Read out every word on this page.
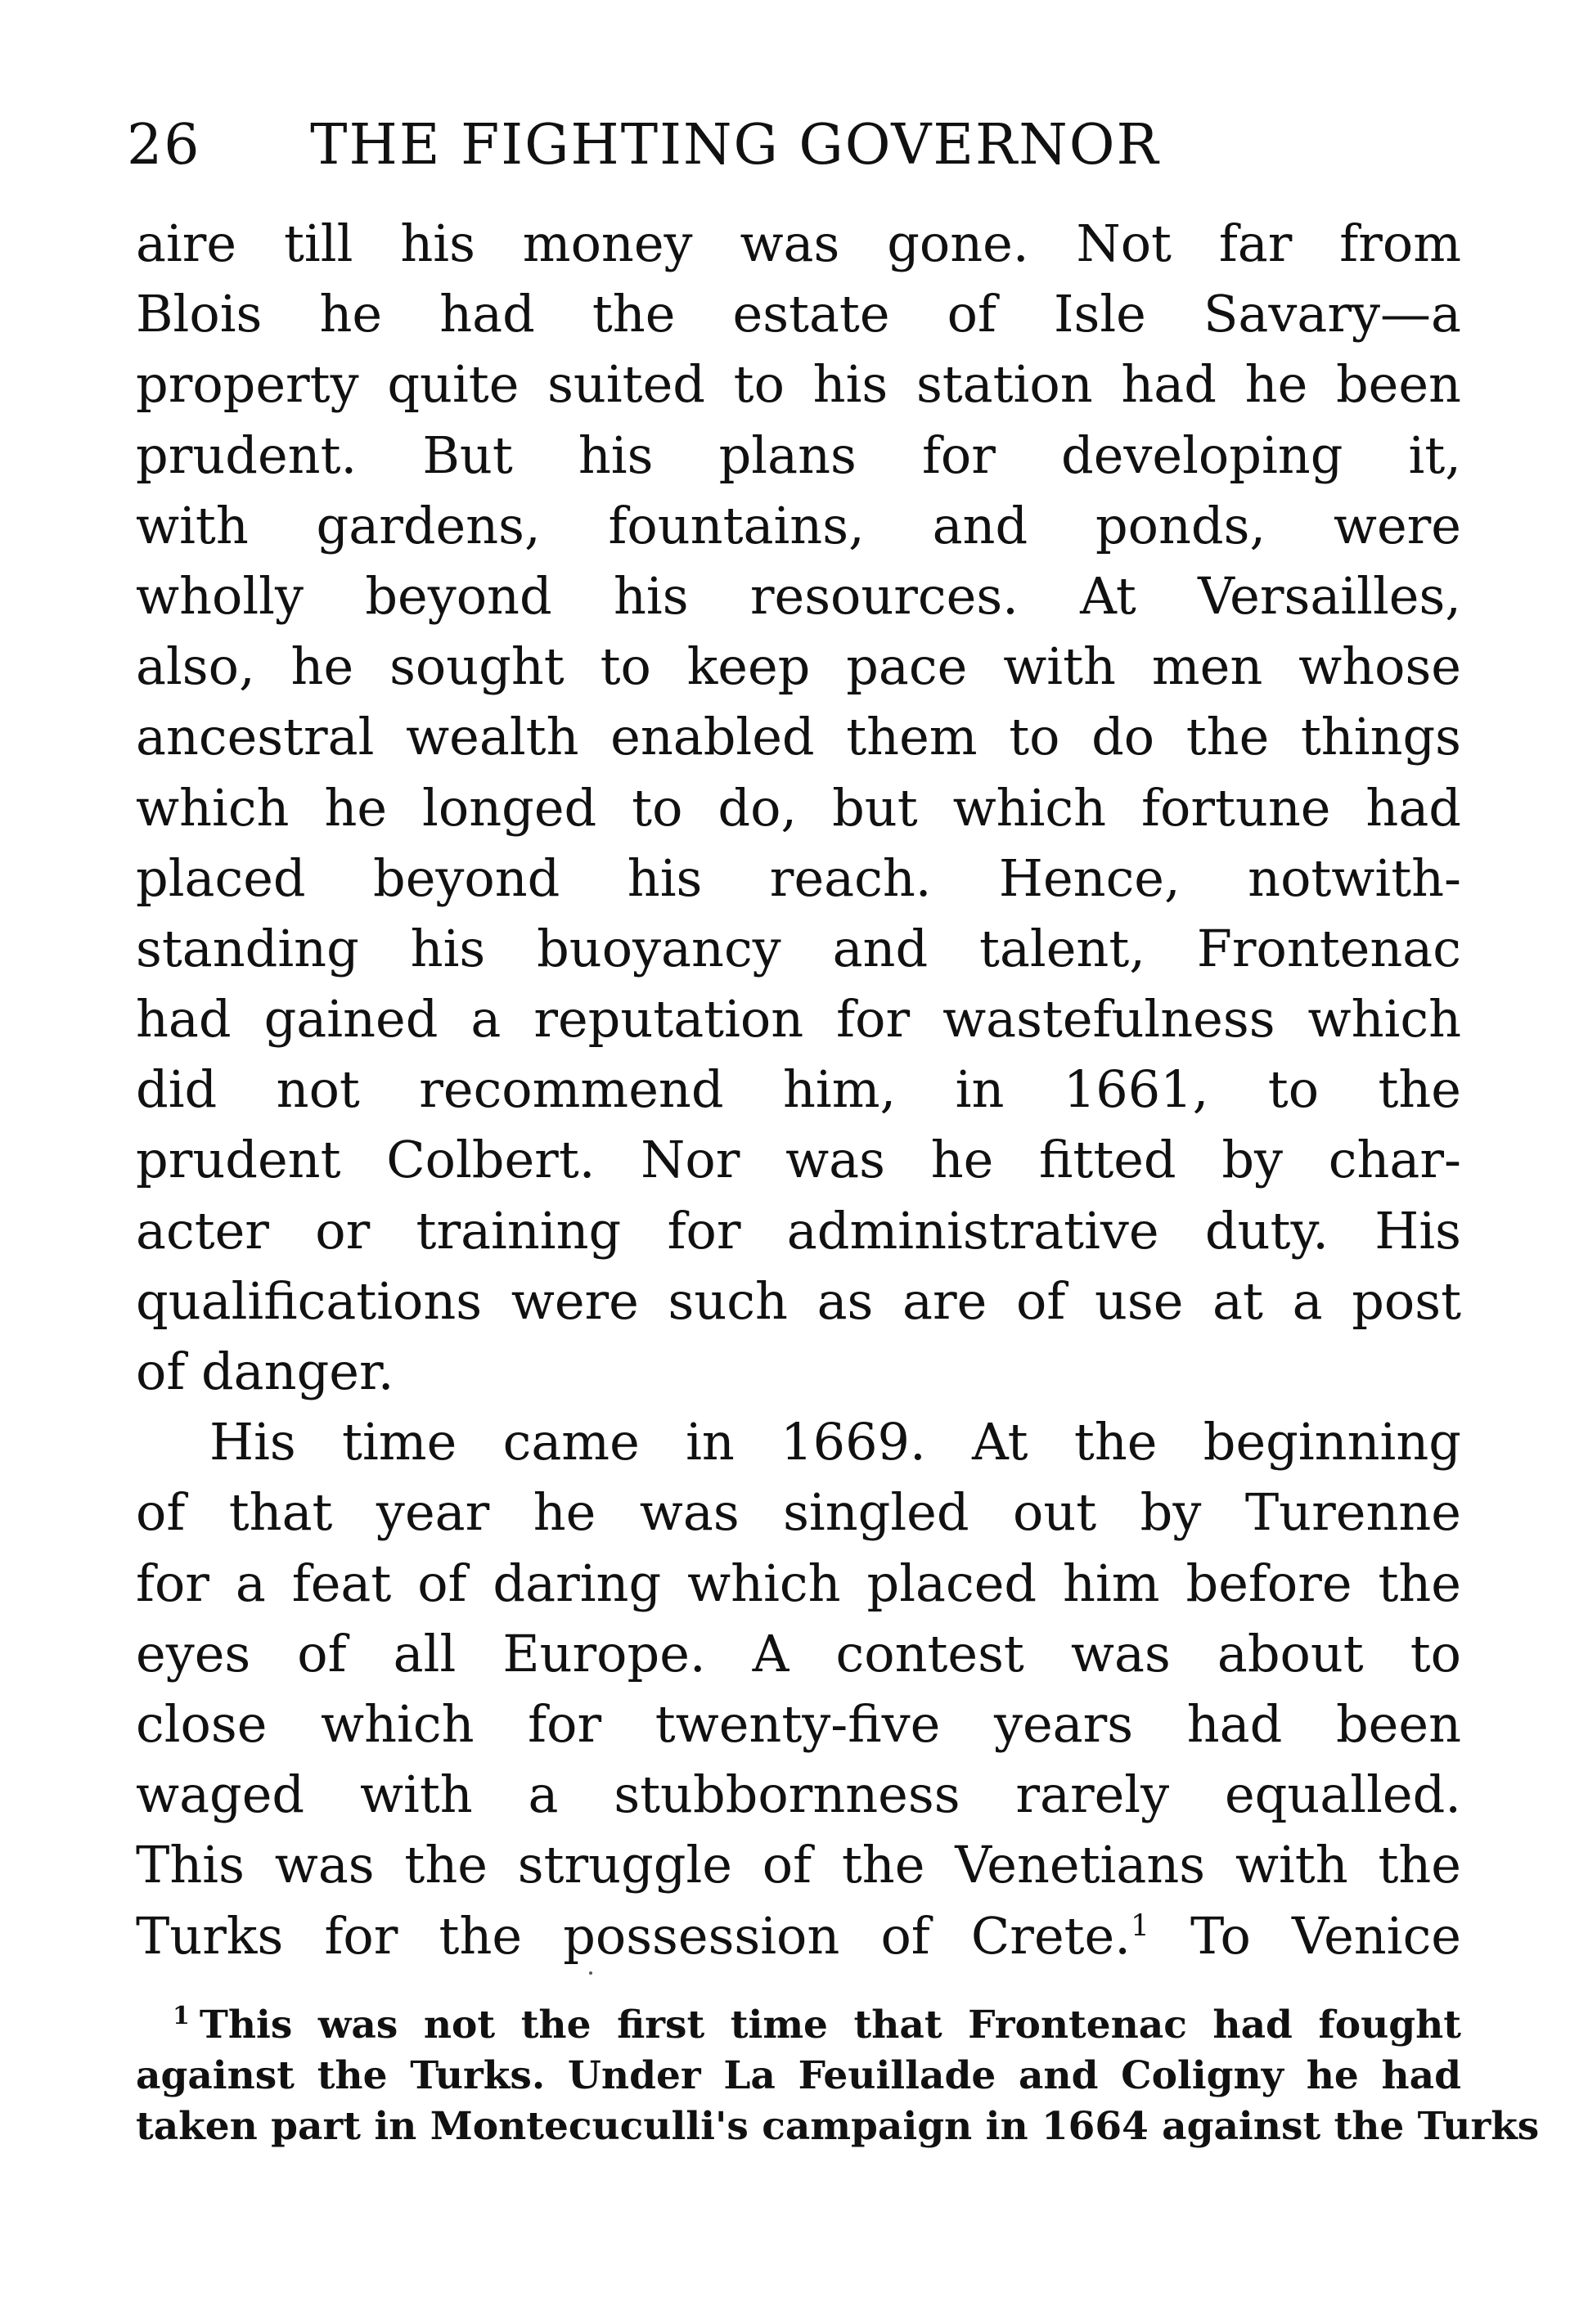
26 THE FIGHTING GOVERNOR
aire till his money was gone. Not far from
Blois he had the estate of Isle Savary—a
property quite suited to his station had he been
prudent. But his plans for developing it,
with gardens, fountains, and ponds, were
wholly beyond his resources. At Versailles,
also, he sought to keep pace with men whose
ancestral wealth enabled them to do the things
which he longed to do, but which fortune had
placed beyond his reach. Hence, notwith-
standing his buoyancy and talent, Frontenac
had gained a reputation for wastefulness which
did not recommend him, in 1661, to the
prudent Colbert. Nor was he fitted by char-
acter or training for administrative duty. His
qualifications were such as are of use at a post
of danger.
His time came in 1669. At the beginning
of that year he was singled out by Turenne
for a feat of daring which placed him before the
eyes of all Europe. A contest was about to
close which for twenty-five years had been
waged with a stubbornness rarely equalled.
This was the struggle of the Venetians with the
Turks for the possession of Crete.$^1$ To Venice
$^1$ This was not the first time that Frontenac had fought
against the Turks. Under La Feuillade and Coligny he had
taken part in Montecuculli's campaign in 1664 against the Turks
